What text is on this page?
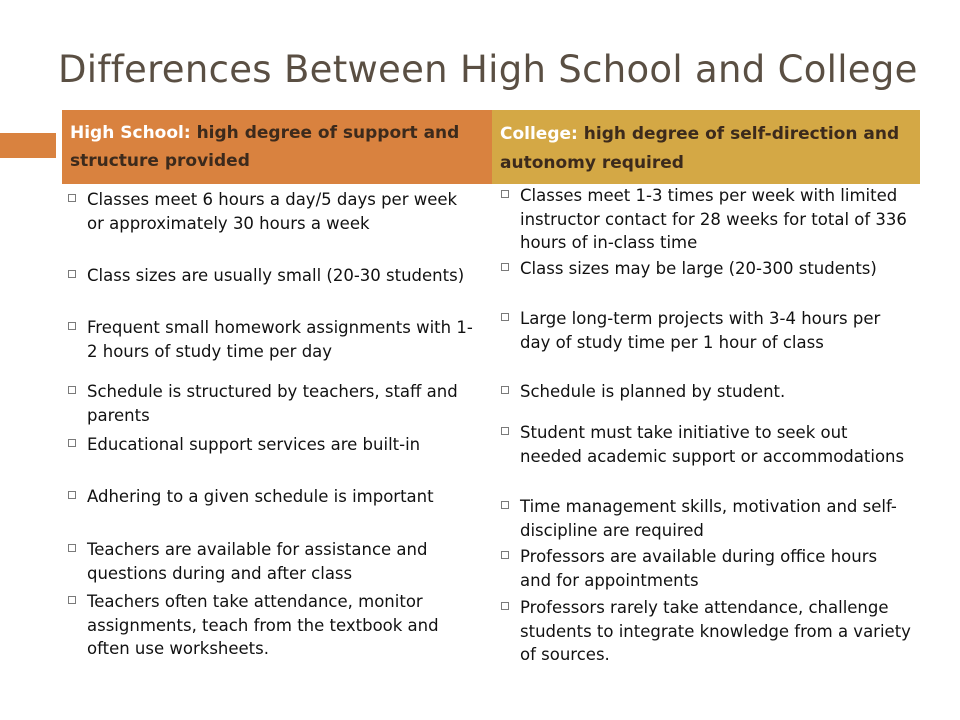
Differences Between High School and College
High School: high degree of support and structure provided
College: high degree of self-direction and autonomy required
Classes meet 6 hours a day/5 days per week or approximately 30 hours a week
Class sizes are usually small (20-30 students)
Frequent small homework assignments with 1-2 hours of study time per day
Schedule is structured by teachers, staff and parents
Educational support services are built-in
Adhering to a given schedule is important
Teachers are available for assistance and questions during and after class
Teachers often take attendance, monitor assignments, teach from the textbook and often use worksheets.
Classes meet 1-3 times per week with limited instructor contact for 28 weeks for total of 336 hours of in-class time
Class sizes may be large (20-300 students)
Large long-term projects with 3-4 hours per day of study time per 1 hour of class
Schedule is planned by student.
Student must take initiative to seek out needed academic support or accommodations
Time management skills, motivation and self-discipline are required
Professors are available during office hours and for appointments
Professors rarely take attendance, challenge students to integrate knowledge from a variety of sources.
